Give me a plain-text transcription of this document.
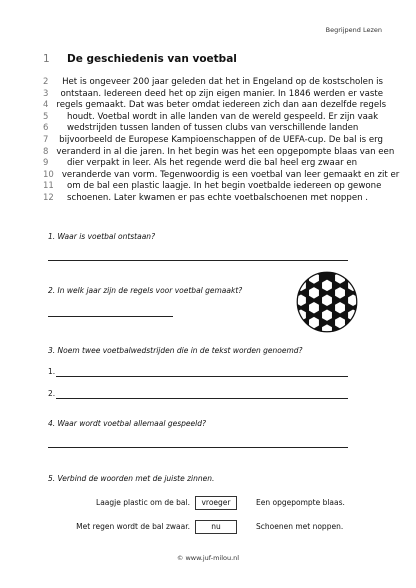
Begrijpend Lezen
1	De geschiedenis van voetbal
2	Het is ongeveer 200 jaar geleden dat het in Engeland op de kostscholen is
3	ontstaan. Iedereen deed het op zijn eigen manier. In 1846 werden er vaste
4 regels gemaakt. Dat was beter omdat iedereen zich dan aan dezelfde regels
5	houdt. Voetbal wordt in alle landen van de wereld gespeeld. Er zijn vaak
6	wedstrijden tussen landen of tussen clubs van verschillende landen
7	bijvoorbeeld de Europese Kampioenschappen of de UEFA-cup. De bal is erg
8 veranderd in al die jaren. In het begin was het een opgepompte blaas van een
9	dier verpakt in leer. Als het regende werd die bal heel erg zwaar en
10 veranderde van vorm. Tegenwoordig is een voetbal van leer gemaakt en zit er
11	om de bal een plastic laagje. In het begin voetbalde iedereen op gewone
12	schoenen. Later kwamen er pas echte voetbalschoenen met noppen .
1. Waar is voetbal ontstaan?
2. In welk jaar zijn de regels voor voetbal gemaakt?
3. Noem twee voetbalwedstrijden die in de tekst worden genoemd?
1.
2.
4. Waar wordt voetbal allemaal gespeeld?
5. Verbind de woorden met de juiste zinnen.
Laagje plastic om de bal.	vroeger	Een opgepompte blaas.
Met regen wordt de bal zwaar.	nu	Schoenen met noppen.
© www.juf-milou.nl
